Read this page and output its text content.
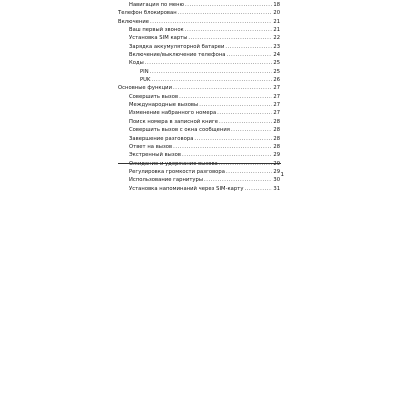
Навигация по меню .....	18
Телефон блокирован .....	20
Включение .....	21
Ваш первый звонок .....	21
Установка SIM карты .....	22
Зарядка аккумуляторной батареи .....	23
Включение/выключение телефона .....	24
Коды .....	25
PIN .....	25
PUK .....	26
Основные функции .....	27
Совершить вызов .....	27
Международные вызовы .....	27
Изменение набранного номера .....	27
Поиск номера в записной книге .....	28
Совершить вызов с окна сообщения .....	28
Завершение разговора .....	28
Ответ на вызов .....	28
Экстренный вызов .....	29
Ожидание и удержание вызова .....	29
Регулировка громкости разговора .....	29
Использование гарнитуры .....	30
Установка напоминаний через SIM-карту .....	31
1
